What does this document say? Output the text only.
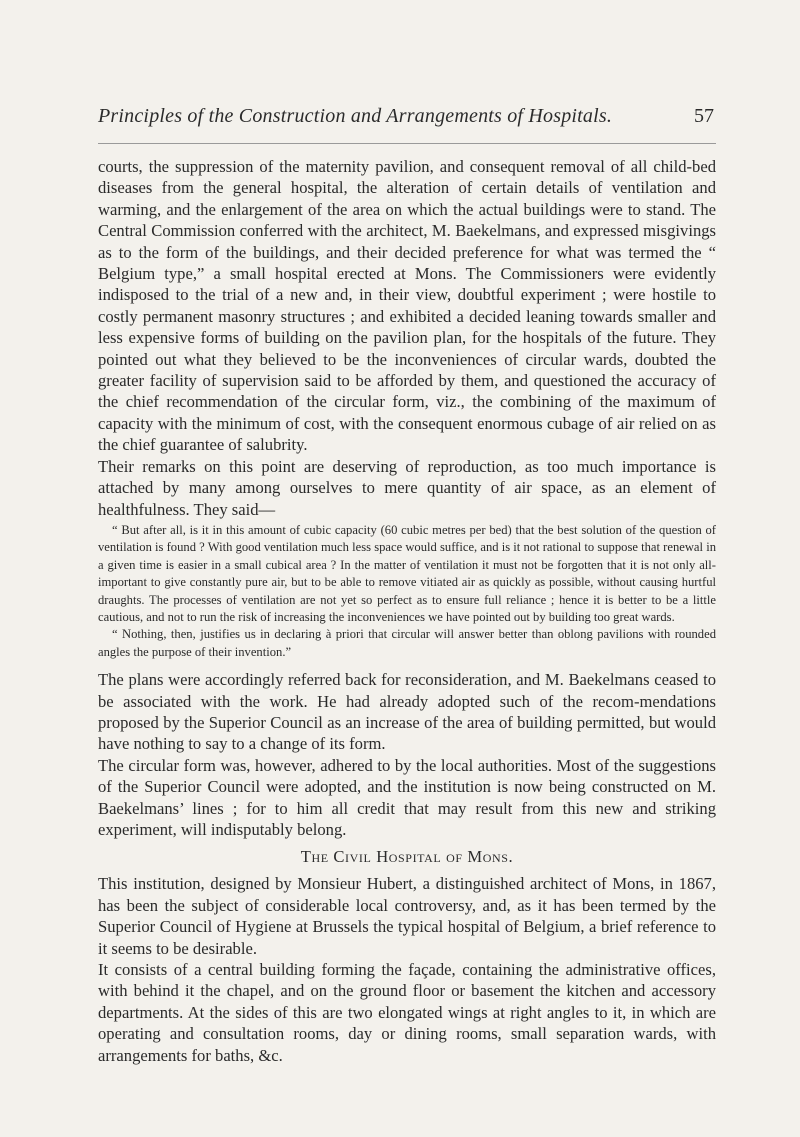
Principles of the Construction and Arrangements of Hospitals.	57

courts, the suppression of the maternity pavilion, and consequent removal of all child-bed diseases from the general hospital, the alteration of certain details of ventilation and warming, and the enlargement of the area on which the actual buildings were to stand. The Central Commission conferred with the architect, M. Baekelmans, and expressed misgivings as to the form of the buildings, and their decided preference for what was termed the “ Belgium type,” a small hospital erected at Mons. The Commissioners were evidently indisposed to the trial of a new and, in their view, doubtful experiment ; were hostile to costly permanent masonry structures ; and exhibited a decided leaning towards smaller and less expensive forms of building on the pavilion plan, for the hospitals of the future. They pointed out what they believed to be the inconveniences of circular wards, doubted the greater facility of supervision said to be afforded by them, and questioned the accuracy of the chief recommendation of the circular form, viz., the combining of the maximum of capacity with the minimum of cost, with the consequent enormous cubage of air relied on as the chief guarantee of salubrity.

Their remarks on this point are deserving of reproduction, as too much importance is attached by many among ourselves to mere quantity of air space, as an element of healthfulness. They said—

“ But after all, is it in this amount of cubic capacity (60 cubic metres per bed) that the best solution of the question of ventilation is found ? With good ventilation much less space would suffice, and is it not rational to suppose that renewal in a given time is easier in a small cubical area ? In the matter of ventilation it must not be forgotten that it is not only all-important to give constantly pure air, but to be able to remove vitiated air as quickly as possible, without causing hurtful draughts. The processes of ventilation are not yet so perfect as to ensure full reliance ; hence it is better to be a little cautious, and not to run the risk of increasing the inconveniences we have pointed out by building too great wards.

“ Nothing, then, justifies us in declaring à priori that circular will answer better than oblong pavilions with rounded angles the purpose of their invention.”

The plans were accordingly referred back for reconsideration, and M. Baekelmans ceased to be associated with the work. He had already adopted such of the recom-mendations proposed by the Superior Council as an increase of the area of building permitted, but would have nothing to say to a change of its form.

The circular form was, however, adhered to by the local authorities. Most of the suggestions of the Superior Council were adopted, and the institution is now being constructed on M. Baekelmans’ lines ; for to him all credit that may result from this new and striking experiment, will indisputably belong.

The Civil Hospital of Mons.

This institution, designed by Monsieur Hubert, a distinguished architect of Mons, in 1867, has been the subject of considerable local controversy, and, as it has been termed by the Superior Council of Hygiene at Brussels the typical hospital of Belgium, a brief reference to it seems to be desirable.

It consists of a central building forming the façade, containing the administrative offices, with behind it the chapel, and on the ground floor or basement the kitchen and accessory departments. At the sides of this are two elongated wings at right angles to it, in which are operating and consultation rooms, day or dining rooms, small separation wards, with arrangements for baths, &c.
